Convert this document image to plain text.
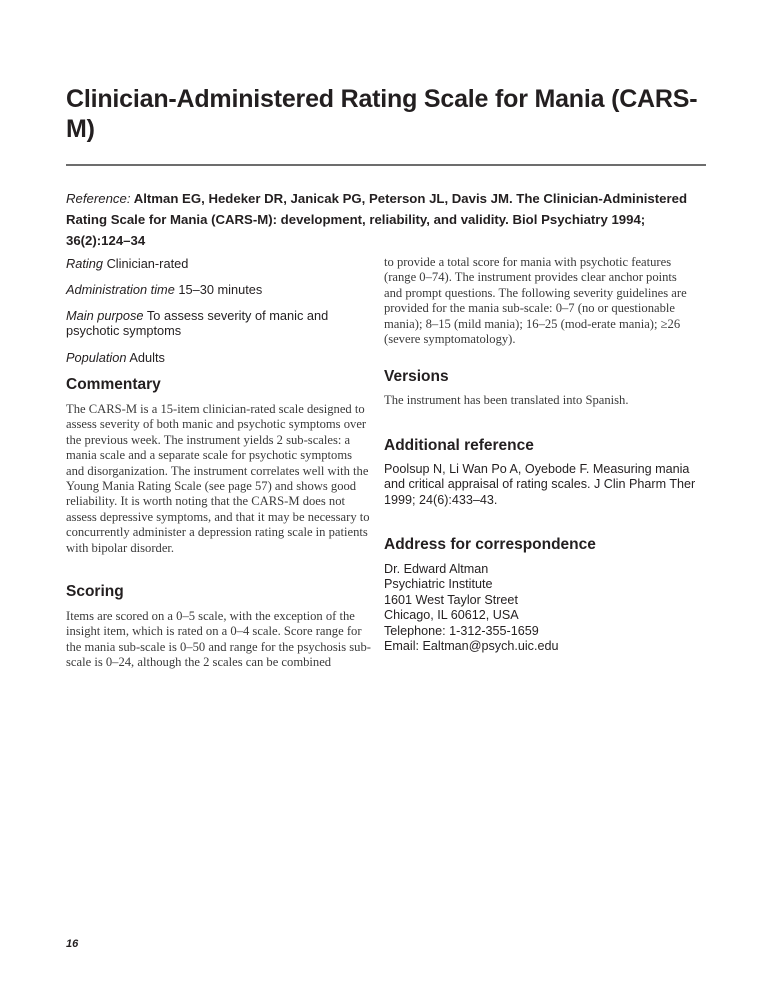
Clinician-Administered Rating Scale for Mania (CARS-M)
Reference: Altman EG, Hedeker DR, Janicak PG, Peterson JL, Davis JM. The Clinician-Administered Rating Scale for Mania (CARS-M): development, reliability, and validity. Biol Psychiatry 1994; 36(2):124–34
Rating Clinician-rated
Administration time 15–30 minutes
Main purpose To assess severity of manic and psychotic symptoms
Population Adults
Commentary
The CARS-M is a 15-item clinician-rated scale designed to assess severity of both manic and psychotic symptoms over the previous week. The instrument yields 2 sub-scales: a mania scale and a separate scale for psychotic symptoms and disorganization. The instrument correlates well with the Young Mania Rating Scale (see page 57) and shows good reliability. It is worth noting that the CARS-M does not assess depressive symptoms, and that it may be necessary to concurrently administer a depression rating scale in patients with bipolar disorder.
Scoring
Items are scored on a 0–5 scale, with the exception of the insight item, which is rated on a 0–4 scale. Score range for the mania sub-scale is 0–50 and range for the psychosis sub-scale is 0–24, although the 2 scales can be combined
to provide a total score for mania with psychotic features (range 0–74). The instrument provides clear anchor points and prompt questions. The following severity guidelines are provided for the mania sub-scale: 0–7 (no or questionable mania); 8–15 (mild mania); 16–25 (mod-erate mania); ≥26 (severe symptomatology).
Versions
The instrument has been translated into Spanish.
Additional reference
Poolsup N, Li Wan Po A, Oyebode F. Measuring mania and critical appraisal of rating scales. J Clin Pharm Ther 1999; 24(6):433–43.
Address for correspondence
Dr. Edward Altman
Psychiatric Institute
1601 West Taylor Street
Chicago, IL 60612, USA
Telephone: 1-312-355-1659
Email: Ealtman@psych.uic.edu
16
